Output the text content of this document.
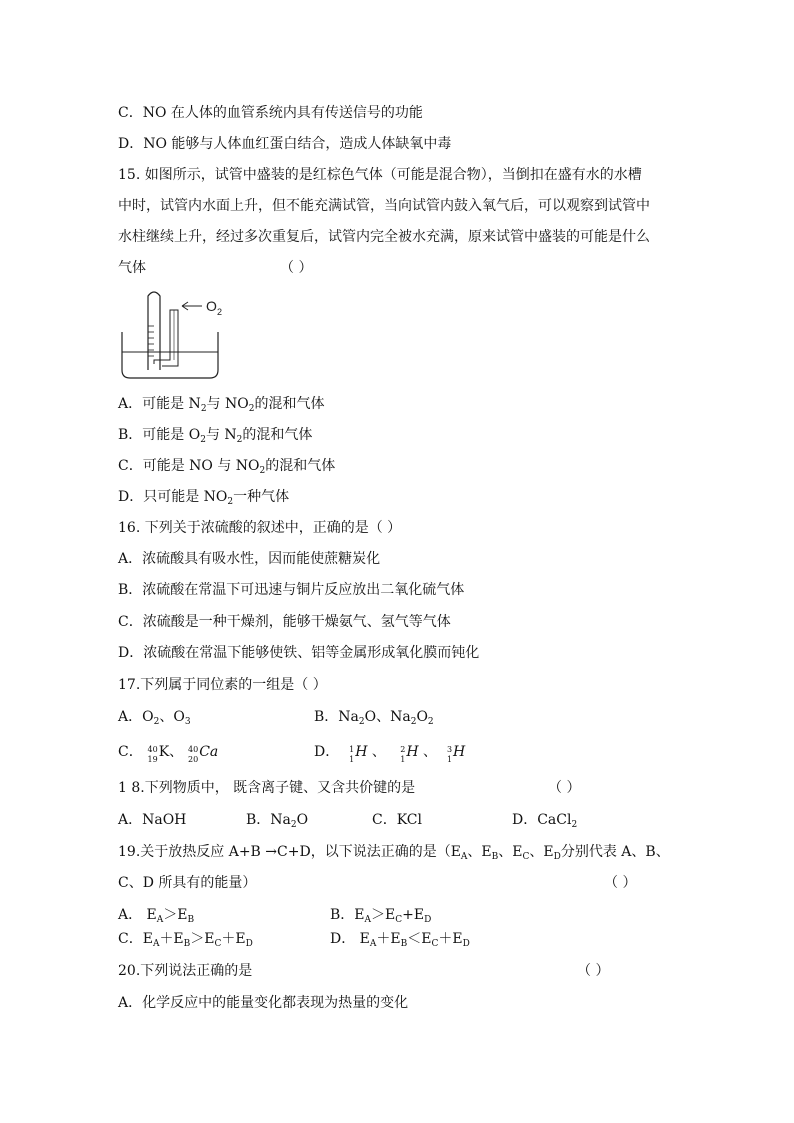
C．NO 在人体的血管系统内具有传送信号的功能
D．NO 能够与人体血红蛋白结合，造成人体缺氧中毒
15. 如图所示，试管中盛装的是红棕色气体（可能是混合物），当倒扣在盛有水的水槽
中时，试管内水面上升，但不能充满试管，当向试管内鼓入氧气后，可以观察到试管中
水柱继续上升，经过多次重复后，试管内完全被水充满，原来试管中盛装的可能是什么
气体	（ ）
O 2
A．可能是 $N_2$与 $NO_2$的混和气体
B．可能是 $O_2$与 $N_2$的混和气体
C．可能是 NO 与 $NO_2$的混和气体
D．只可能是 $NO_2$一种气体
16. 下列关于浓硫酸的叙述中，正确的是（ ）
A．浓硫酸具有吸水性，因而能使蔗糖炭化
B．浓硫酸在常温下可迅速与铜片反应放出二氧化硫气体
C．浓硫酸是一种干燥剂，能够干燥氨气、氢气等气体
D．浓硫酸在常温下能够使铁、铝等金属形成氧化膜而钝化
17.下列属于同位素的一组是（ ）
A．$O_2$、$O_3$	B．$Na_2O$、$Na_2O_2$
C． 40
19 K、 40
20 Ca	D． 1
1 H 、 2
1 H 、 3
1 H
1 8.下列物质中， 既含离子键、又含共价键的是	（ ）
A．NaOH	B．$Na_2O$	C．KCl	D．CaCl$_2$
19.关于放热反应 A+B →C+D，以下说法正确的是（$E_A$、$E_B$、$E_C$、$E_D$分别代表 A、B、
C、D 所具有的能量）	（ ）
A． $E_A>E_B$	B．$E_A>E_C+E_D$
C．$E_A+E_B>E_C+E_D$	D． $E_A+E_B<E_C+E_D$
20.下列说法正确的是	（ ）
A．化学反应中的能量变化都表现为热量的变化
